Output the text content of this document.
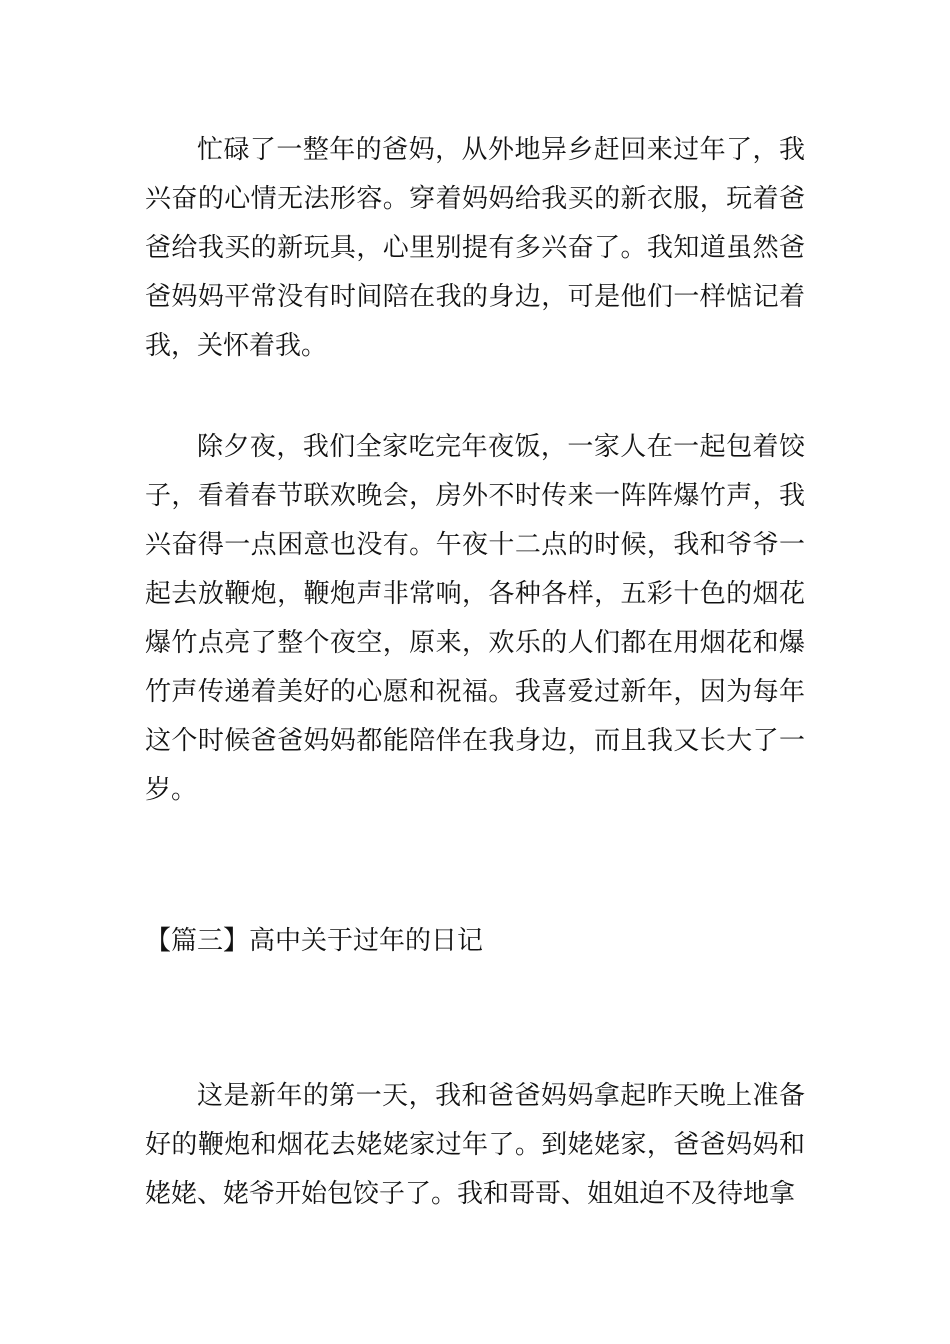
忙碌了一整年的爸妈，从外地异乡赶回来过年了，我兴奋的心情无法形容。穿着妈妈给我买的新衣服，玩着爸爸给我买的新玩具，心里别提有多兴奋了。我知道虽然爸爸妈妈平常没有时间陪在我的身边，可是他们一样惦记着我，关怀着我。

除夕夜，我们全家吃完年夜饭，一家人在一起包着饺子，看着春节联欢晚会，房外不时传来一阵阵爆竹声，我兴奋得一点困意也没有。午夜十二点的时候，我和爷爷一起去放鞭炮，鞭炮声非常响，各种各样，五彩十色的烟花爆竹点亮了整个夜空，原来，欢乐的人们都在用烟花和爆竹声传递着美好的心愿和祝福。我喜爱过新年，因为每年这个时候爸爸妈妈都能陪伴在我身边，而且我又长大了一岁。

【篇三】高中关于过年的日记

这是新年的第一天，我和爸爸妈妈拿起昨天晚上准备好的鞭炮和烟花去姥姥家过年了。到姥姥家，爸爸妈妈和姥姥、姥爷开始包饺子了。我和哥哥、姐姐迫不及待地拿
